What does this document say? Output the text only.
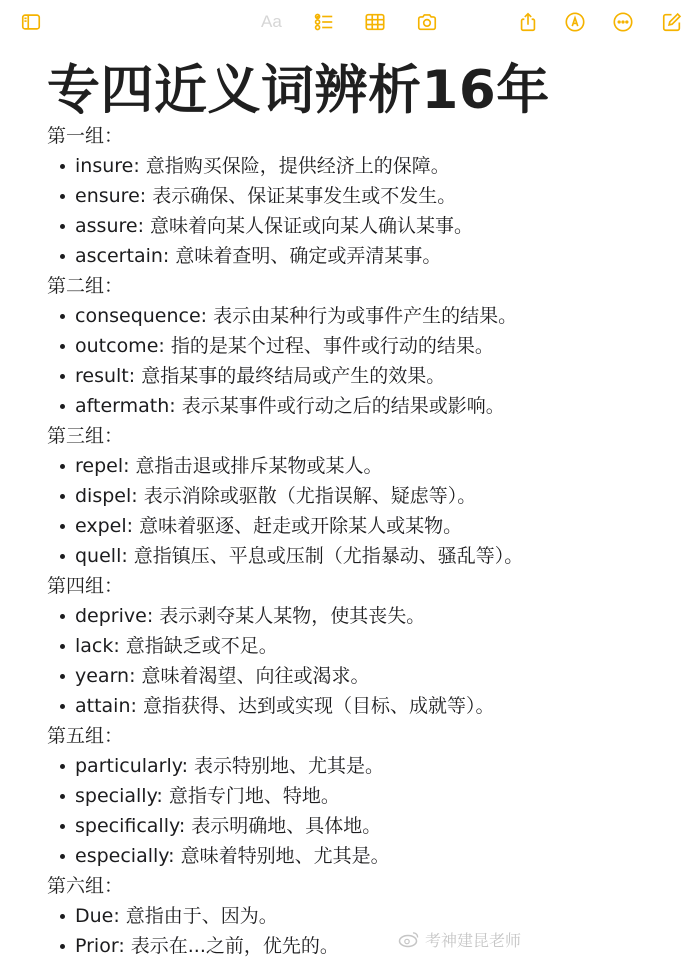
Aa
专四近义词辨析16年
第一组：
insure: 意指购买保险，提供经济上的保障。
ensure: 表示确保、保证某事发生或不发生。
assure: 意味着向某人保证或向某人确认某事。
ascertain: 意味着查明、确定或弄清某事。
第二组：
consequence: 表示由某种行为或事件产生的结果。
outcome: 指的是某个过程、事件或行动的结果。
result: 意指某事的最终结局或产生的效果。
aftermath: 表示某事件或行动之后的结果或影响。
第三组：
repel: 意指击退或排斥某物或某人。
dispel: 表示消除或驱散（尤指误解、疑虑等）。
expel: 意味着驱逐、赶走或开除某人或某物。
quell: 意指镇压、平息或压制（尤指暴动、骚乱等）。
第四组：
deprive: 表示剥夺某人某物，使其丧失。
lack: 意指缺乏或不足。
yearn: 意味着渴望、向往或渴求。
attain: 意指获得、达到或实现（目标、成就等）。
第五组：
particularly: 表示特别地、尤其是。
specially: 意指专门地、特地。
specifically: 表示明确地、具体地。
especially: 意味着特别地、尤其是。
第六组：
Due: 意指由于、因为。
Prior: 表示在...之前，优先的。	考神建昆老师
